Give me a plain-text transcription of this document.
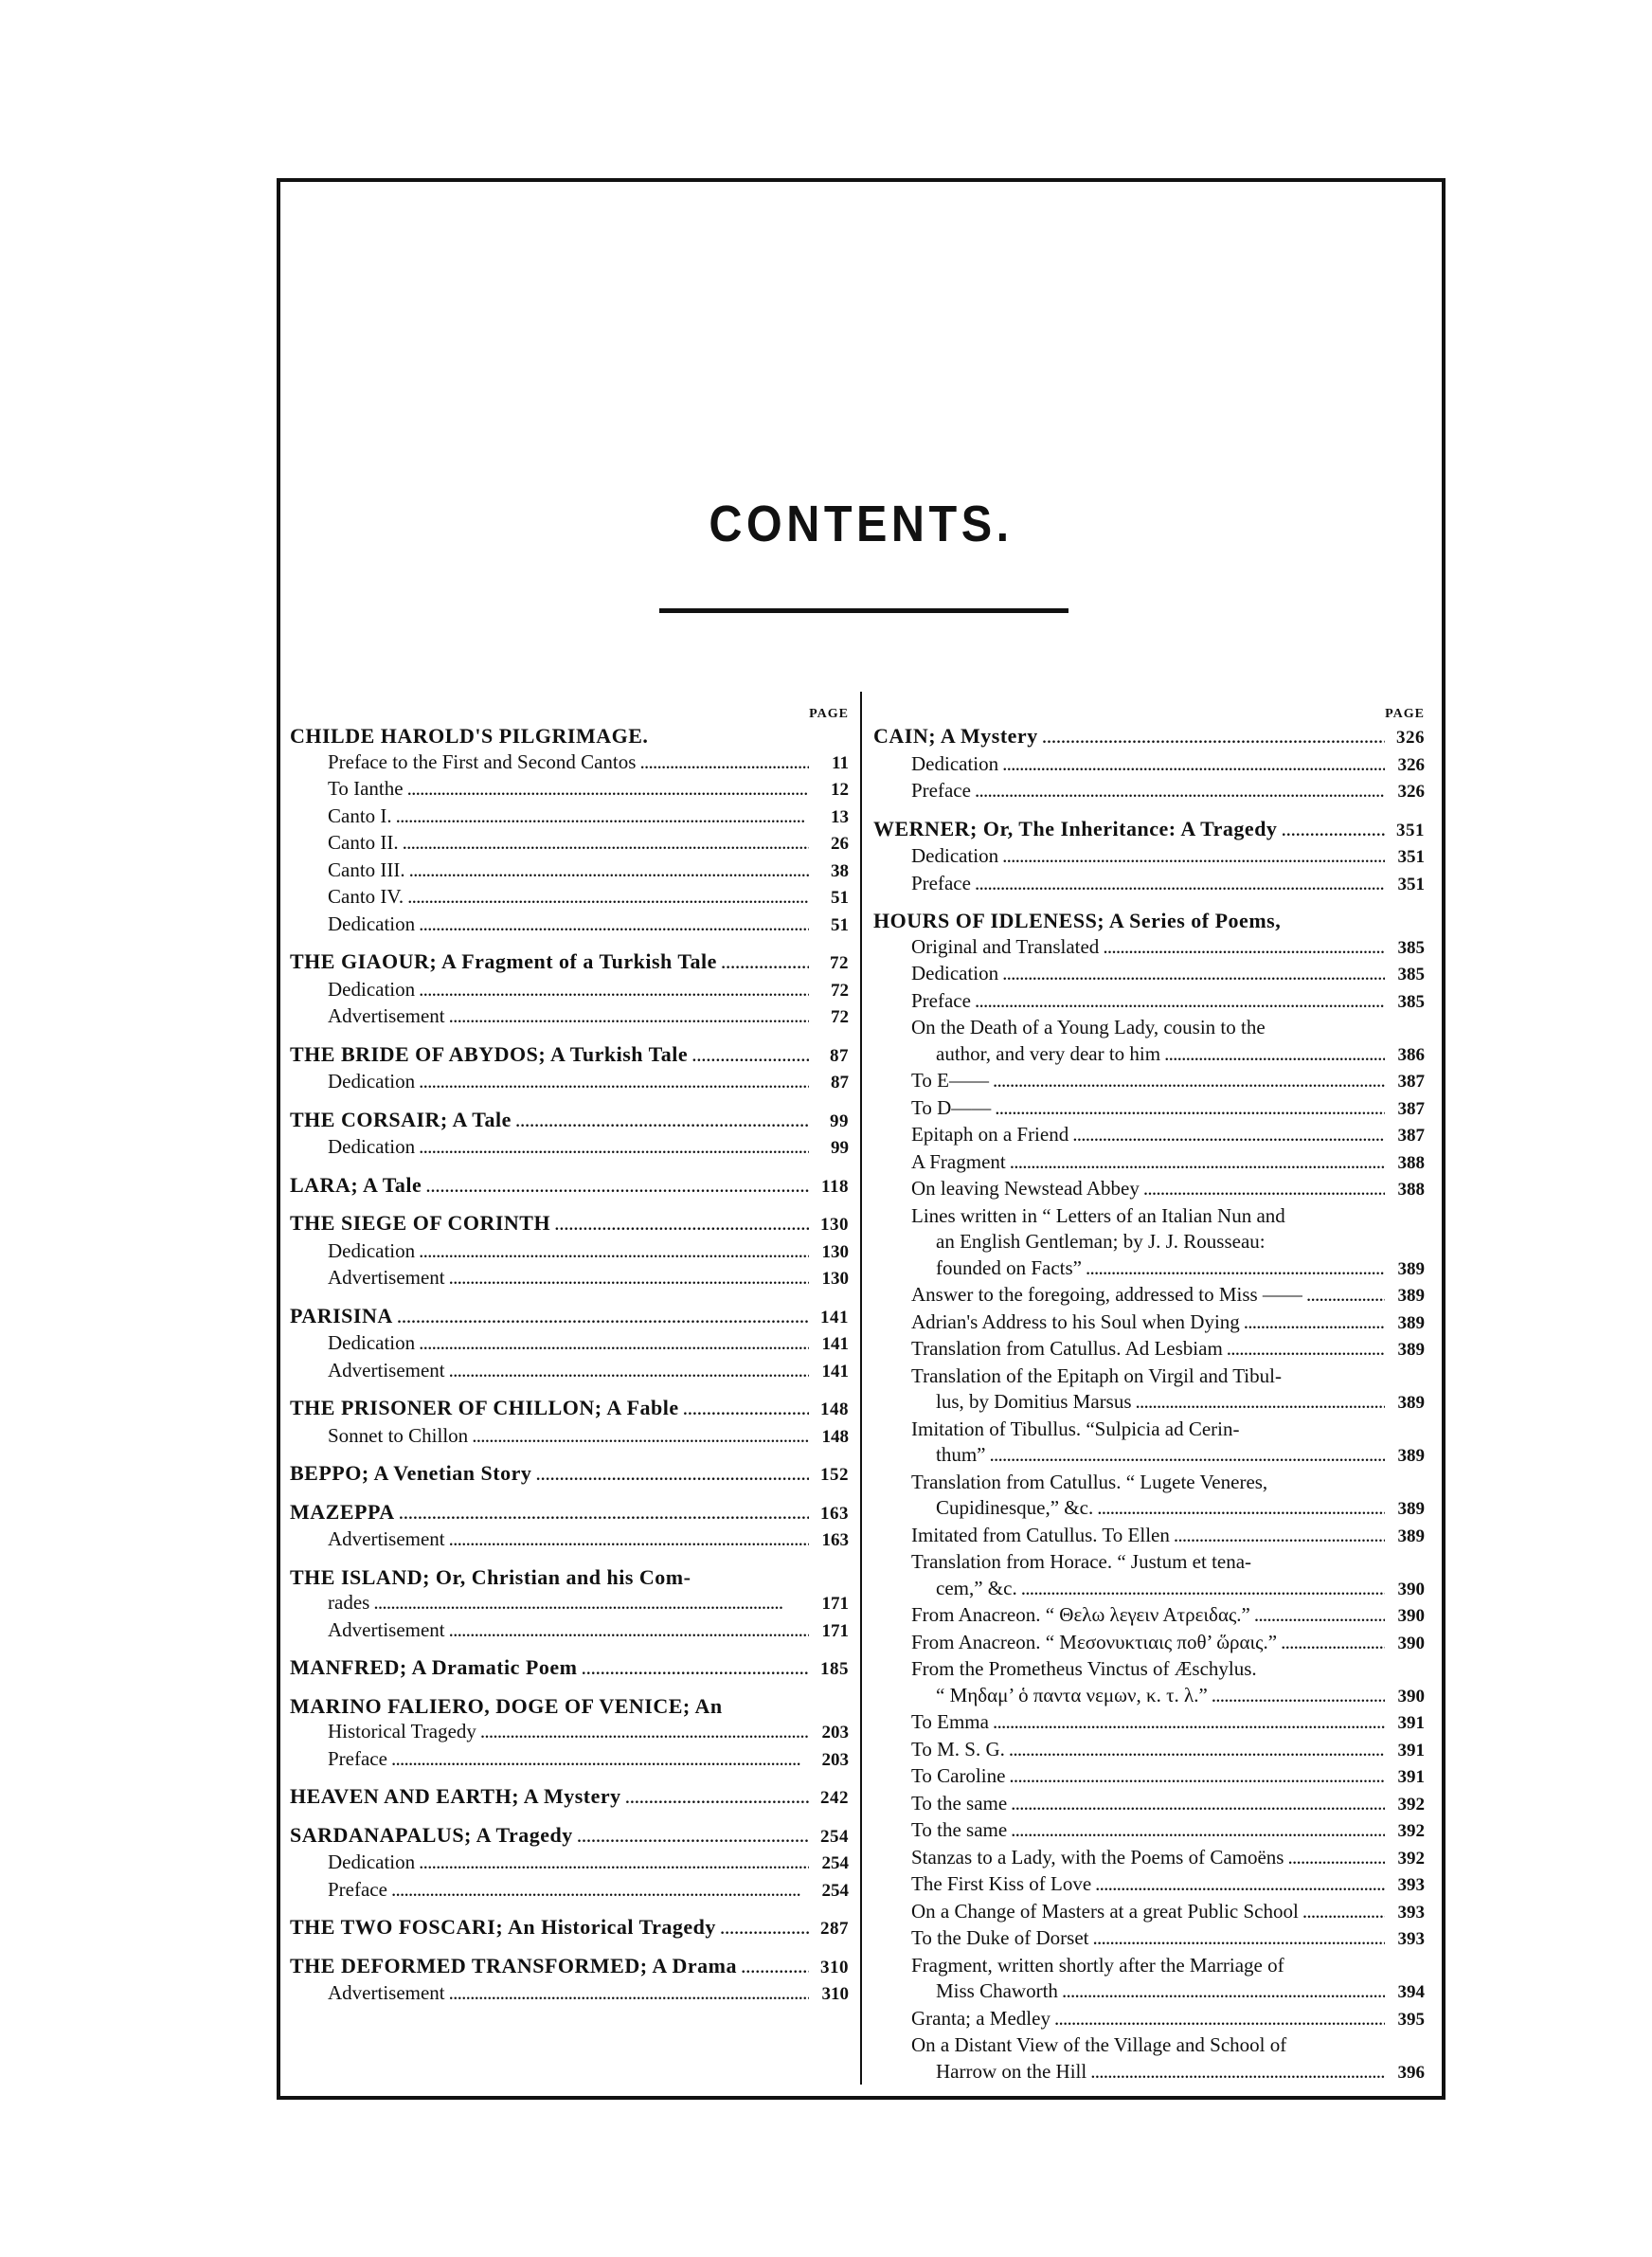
CONTENTS.
PAGE
CHILDE HAROLD'S PILGRIMAGE.
Preface to the First and Second Cantos . . .	11
To Ianthe . . .	12
Canto I. . . .	13
Canto II. . . .	26
Canto III. . . .	38
Canto IV. . . .	51
Dedication . . .	51
THE GIAOUR; A Fragment of a Turkish Tale . . .	72
Dedication . . .	72
Advertisement . . .	72
THE BRIDE OF ABYDOS; A Turkish Tale . . .	87
Dedication . . .	87
THE CORSAIR; A Tale . . .	99
Dedication . . .	99
LARA; A Tale . . .	118
THE SIEGE OF CORINTH . . .	130
Dedication . . .	130
Advertisement . . .	130
PARISINA . . .	141
Dedication . . .	141
Advertisement . . .	141
THE PRISONER OF CHILLON; A Fable . . .	148
Sonnet to Chillon . . .	148
BEPPO; A Venetian Story . . .	152
MAZEPPA . . .	163
Advertisement . . .	163
THE ISLAND; Or, Christian and his Com-
rades . . .	171
Advertisement . . .	171
MANFRED; A Dramatic Poem . . .	185
MARINO FALIERO, DOGE OF VENICE; An
Historical Tragedy . . .	203
Preface . . .	203
HEAVEN AND EARTH; A Mystery . . .	242
SARDANAPALUS; A Tragedy . . .	254
Dedication . . .	254
Preface . . .	254
THE TWO FOSCARI; An Historical Tragedy . . .	287
THE DEFORMED TRANSFORMED; A Drama . . .	310
Advertisement . . .	310
PAGE
CAIN; A Mystery . . .	326
Dedication . . .	326
Preface . . .	326
WERNER; Or, The Inheritance: A Tragedy . . .	351
Dedication . . .	351
Preface . . .	351
HOURS OF IDLENESS; A Series of Poems,
Original and Translated . . .	385
Dedication . . .	385
Preface . . .	385
On the Death of a Young Lady, cousin to the
author, and very dear to him . . .	386
To E—— . . .	387
To D—— . . .	387
Epitaph on a Friend . . .	387
A Fragment . . .	388
On leaving Newstead Abbey . . .	388
Lines written in “ Letters of an Italian Nun and
an English Gentleman; by J. J. Rousseau:
founded on Facts” . . .	389
Answer to the foregoing, addressed to Miss —— . . .	389
Adrian's Address to his Soul when Dying . . .	389
Translation from Catullus. Ad Lesbiam . . .	389
Translation of the Epitaph on Virgil and Tibul-
lus, by Domitius Marsus . . .	389
Imitation of Tibullus. “Sulpicia ad Cerin-
thum” . . .	389
Translation from Catullus. “ Lugete Veneres,
Cupidinesque,” &c. . . .	389
Imitated from Catullus. To Ellen . . .	389
Translation from Horace. “ Justum et tena-
cem,” &c. . . .	390
From Anacreon. “ Θελω λεγειν Ατρειδας.” . . .	390
From Anacreon. “ Μεσονυκτιαις ποθ’ ὥραις.” . . .	390
From the Prometheus Vinctus of Æschylus.
“ Μηδαμ’ ὁ παντα νεμων, κ. τ. λ.” . . .	390
To Emma . . .	391
To M. S. G. . . .	391
To Caroline . . .	391
To the same . . .	392
To the same . . .	392
Stanzas to a Lady, with the Poems of Camoëns . . .	392
The First Kiss of Love . . .	393
On a Change of Masters at a great Public School . . .	393
To the Duke of Dorset . . .	393
Fragment, written shortly after the Marriage of
Miss Chaworth . . .	394
Granta; a Medley . . .	395
On a Distant View of the Village and School of
Harrow on the Hill . . .	396
